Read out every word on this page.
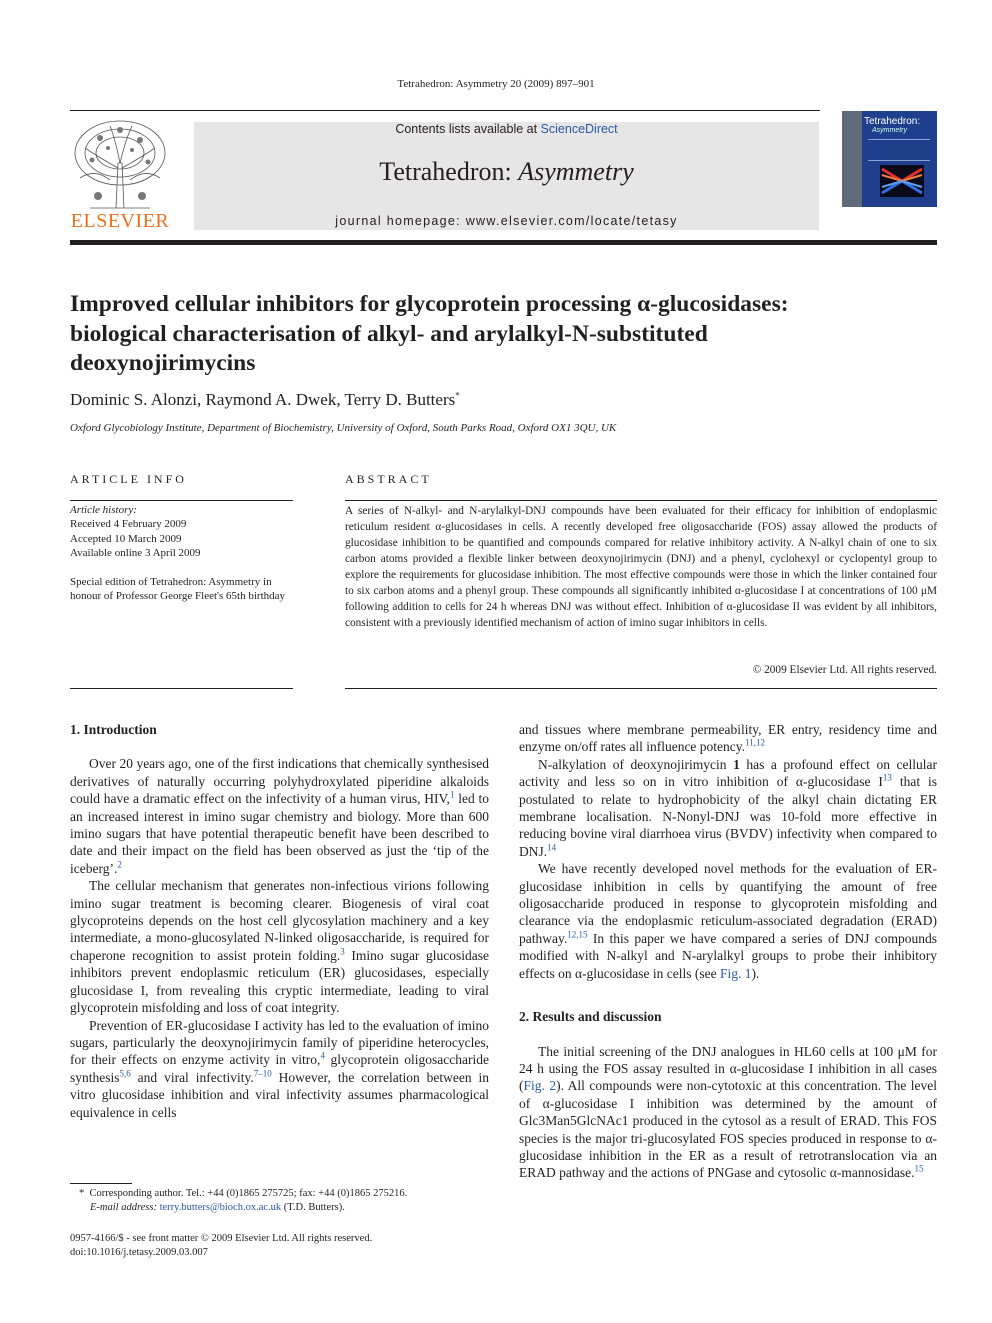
Tetrahedron: Asymmetry 20 (2009) 897–901
ELSEVIER
Contents lists available at ScienceDirect
Tetrahedron: Asymmetry
journal homepage: www.elsevier.com/locate/tetasy
Tetrahedron:
Asymmetry
Improved cellular inhibitors for glycoprotein processing α-glucosidases:
biological characterisation of alkyl- and arylalkyl-N-substituted
deoxynojirimycins
Dominic S. Alonzi, Raymond A. Dwek, Terry D. Butters*
Oxford Glycobiology Institute, Department of Biochemistry, University of Oxford, South Parks Road, Oxford OX1 3QU, UK
ARTICLE INFO
Article history:
Received 4 February 2009
Accepted 10 March 2009
Available online 3 April 2009
Special edition of Tetrahedron: Asymmetry in honour of Professor George Fleet's 65th birthday
ABSTRACT
A series of N-alkyl- and N-arylalkyl-DNJ compounds have been evaluated for their efficacy for inhibition of endoplasmic reticulum resident α-glucosidases in cells. A recently developed free oligosaccharide (FOS) assay allowed the products of glucosidase inhibition to be quantified and compounds compared for relative inhibitory activity. A N-alkyl chain of one to six carbon atoms provided a flexible linker between deoxynojirimycin (DNJ) and a phenyl, cyclohexyl or cyclopentyl group to explore the requirements for glucosidase inhibition. The most effective compounds were those in which the linker contained four to six carbon atoms and a phenyl group. These compounds all significantly inhibited α-glucosidase I at concentrations of 100 μM following addition to cells for 24 h whereas DNJ was without effect. Inhibition of α-glucosidase II was evident by all inhibitors, consistent with a previously identified mechanism of action of imino sugar inhibitors in cells.
© 2009 Elsevier Ltd. All rights reserved.
1. Introduction

Over 20 years ago, one of the first indications that chemically synthesised derivatives of naturally occurring polyhydroxylated piperidine alkaloids could have a dramatic effect on the infectivity of a human virus, HIV,$^1$ led to an increased interest in imino sugar chemistry and biology. More than 600 imino sugars that have potential therapeutic benefit have been described to date and their impact on the field has been observed as just the ‘tip of the iceberg’.$^2$

The cellular mechanism that generates non-infectious virions following imino sugar treatment is becoming clearer. Biogenesis of viral coat glycoproteins depends on the host cell glycosylation machinery and a key intermediate, a mono-glucosylated N-linked oligosaccharide, is required for chaperone recognition to assist protein folding.$^3$ Imino sugar glucosidase inhibitors prevent endoplasmic reticulum (ER) glucosidases, especially glucosidase I, from revealing this cryptic intermediate, leading to viral glycoprotein misfolding and loss of coat integrity.

Prevention of ER-glucosidase I activity has led to the evaluation of imino sugars, particularly the deoxynojirimycin family of piperidine heterocycles, for their effects on enzyme activity in vitro,$^4$ glycoprotein oligosaccharide synthesis$^{5,6}$ and viral infectivity.$^{7-10}$ However, the correlation between in vitro glucosidase inhibition and viral infectivity assumes pharmacological equivalence in cells

* Corresponding author. Tel.: +44 (0)1865 275725; fax: +44 (0)1865 275216.
E-mail address: terry.butters@bioch.ox.ac.uk (T.D. Butters).
0957-4166/$ - see front matter © 2009 Elsevier Ltd. All rights reserved.
doi:10.1016/j.tetasy.2009.03.007

and tissues where membrane permeability, ER entry, residency time and enzyme on/off rates all influence potency.$^{11,12}$

N-alkylation of deoxynojirimycin 1 has a profound effect on cellular activity and less so on in vitro inhibition of α-glucosidase $I^{13}$ that is postulated to relate to hydrophobicity of the alkyl chain dictating ER membrane localisation. N-Nonyl-DNJ was 10-fold more effective in reducing bovine viral diarrhoea virus (BVDV) infectivity when compared to DNJ.$^{14}$

We have recently developed novel methods for the evaluation of ER-glucosidase inhibition in cells by quantifying the amount of free oligosaccharide produced in response to glycoprotein misfolding and clearance via the endoplasmic reticulum-associated degradation (ERAD) pathway.$^{12,15}$ In this paper we have compared a series of DNJ compounds modified with N-alkyl and N-arylalkyl groups to probe their inhibitory effects on α-glucosidase in cells (see Fig. 1).

2. Results and discussion

The initial screening of the DNJ analogues in HL60 cells at 100 μM for 24 h using the FOS assay resulted in α-glucosidase I inhibition in all cases (Fig. 2). All compounds were non-cytotoxic at this concentration. The level of α-glucosidase I inhibition was determined by the amount of Glc3Man5GlcNAc1 produced in the cytosol as a result of ERAD. This FOS species is the major tri-glucosylated FOS species produced in response to α-glucosidase inhibition in the ER as a result of retrotranslocation via an ERAD pathway and the actions of PNGase and cytosolic α-mannosidase.$^{15}$
